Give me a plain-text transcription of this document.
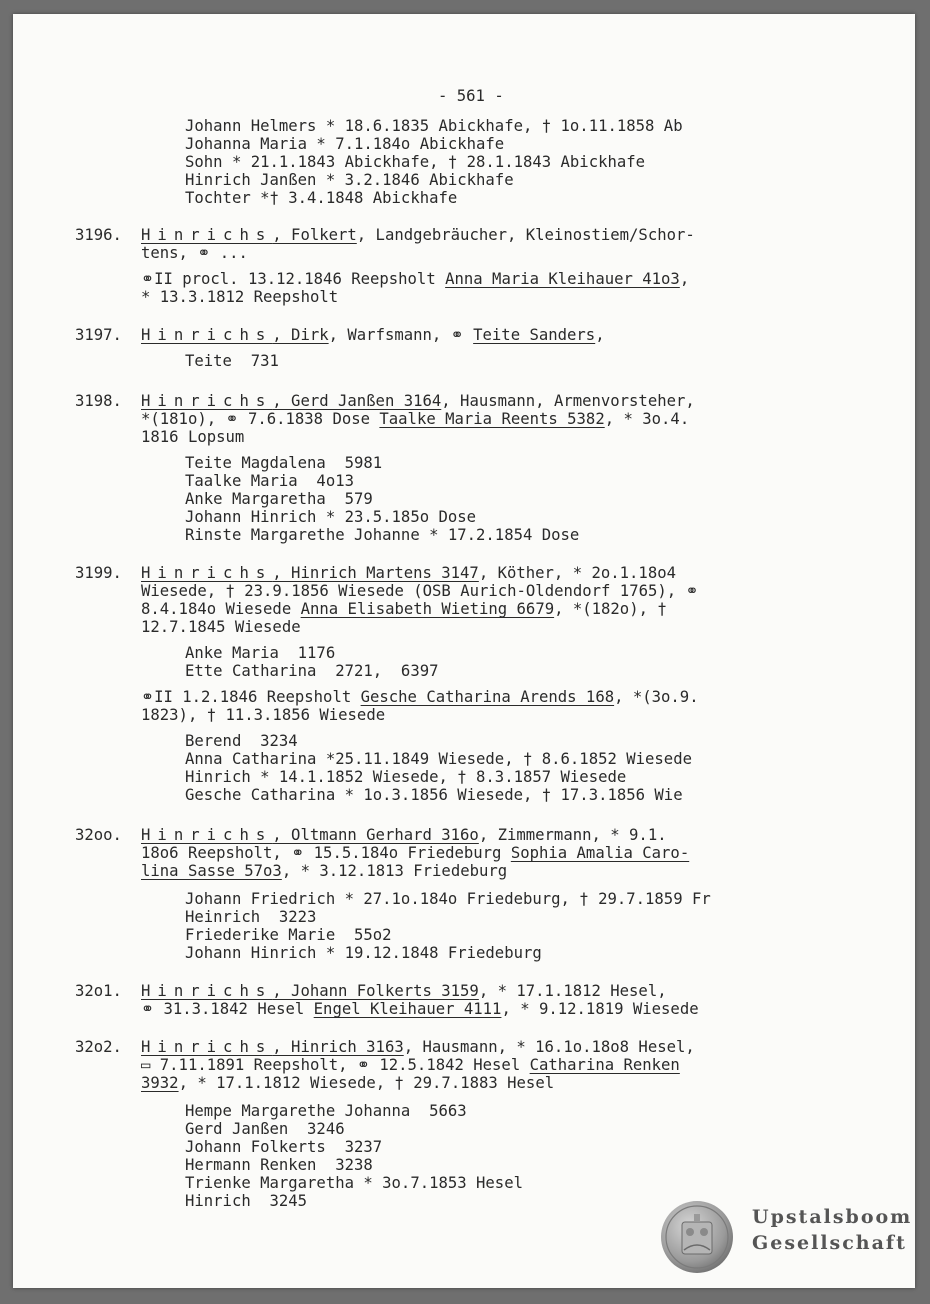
- 561 -
Johann Helmers * 18.6.1835 Abickhafe, † 1o.11.1858 Ab
Johanna Maria * 7.1.184o Abickhafe
Sohn * 21.1.1843 Abickhafe, † 28.1.1843 Abickhafe
Hinrich Janßen * 3.2.1846 Abickhafe
Tochter *† 3.4.1848 Abickhafe
3196. Hinrichs, Folkert, Landgebräucher, Kleinostiem/Schor-
tens, ⚭ ...
⚭II procl. 13.12.1846 Reepsholt Anna Maria Kleihauer 41o3,
* 13.3.1812 Reepsholt
3197. Hinrichs, Dirk, Warfsmann, ⚭ Teite Sanders,
Teite  731
3198. Hinrichs, Gerd Janßen 3164, Hausmann, Armenvorsteher,
*(181o), ⚭ 7.6.1838 Dose Taalke Maria Reents 5382, * 3o.4.
1816 Lopsum
Teite Magdalena  5981
Taalke Maria  4o13
Anke Margaretha  579
Johann Hinrich * 23.5.185o Dose
Rinste Margarethe Johanne * 17.2.1854 Dose
3199. Hinrichs, Hinrich Martens 3147, Köther, * 2o.1.18o4
Wiesede, † 23.9.1856 Wiesede (OSB Aurich-Oldendorf 1765), ⚭
8.4.184o Wiesede Anna Elisabeth Wieting 6679, *(182o), †
12.7.1845 Wiesede
Anke Maria  1176
Ette Catharina  2721,  6397
⚭II 1.2.1846 Reepsholt Gesche Catharina Arends 168, *(3o.9.
1823), † 11.3.1856 Wiesede
Berend  3234
Anna Catharina *25.11.1849 Wiesede, † 8.6.1852 Wiesede
Hinrich * 14.1.1852 Wiesede, † 8.3.1857 Wiesede
Gesche Catharina * 1o.3.1856 Wiesede, † 17.3.1856 Wie
32oo. Hinrichs, Oltmann Gerhard 316o, Zimmermann, * 9.1.
18o6 Reepsholt, ⚭ 15.5.184o Friedeburg Sophia Amalia Caro-
lina Sasse 57o3, * 3.12.1813 Friedeburg
Johann Friedrich * 27.1o.184o Friedeburg, † 29.7.1859 Fr
Heinrich  3223
Friederike Marie  55o2
Johann Hinrich * 19.12.1848 Friedeburg
32o1. Hinrichs, Johann Folkerts 3159, * 17.1.1812 Hesel,
⚭ 31.3.1842 Hesel Engel Kleihauer 4111, * 9.12.1819 Wiesede
32o2. Hinrichs, Hinrich 3163, Hausmann, * 16.1o.18o8 Hesel,
▭ 7.11.1891 Reepsholt, ⚭ 12.5.1842 Hesel Catharina Renken
3932, * 17.1.1812 Wiesede, † 29.7.1883 Hesel
Hempe Margarethe Johanna  5663
Gerd Janßen  3246
Johann Folkerts  3237
Hermann Renken  3238
Trienke Margaretha * 3o.7.1853 Hesel
Hinrich  3245
Upstalsboom
Gesellschaft
